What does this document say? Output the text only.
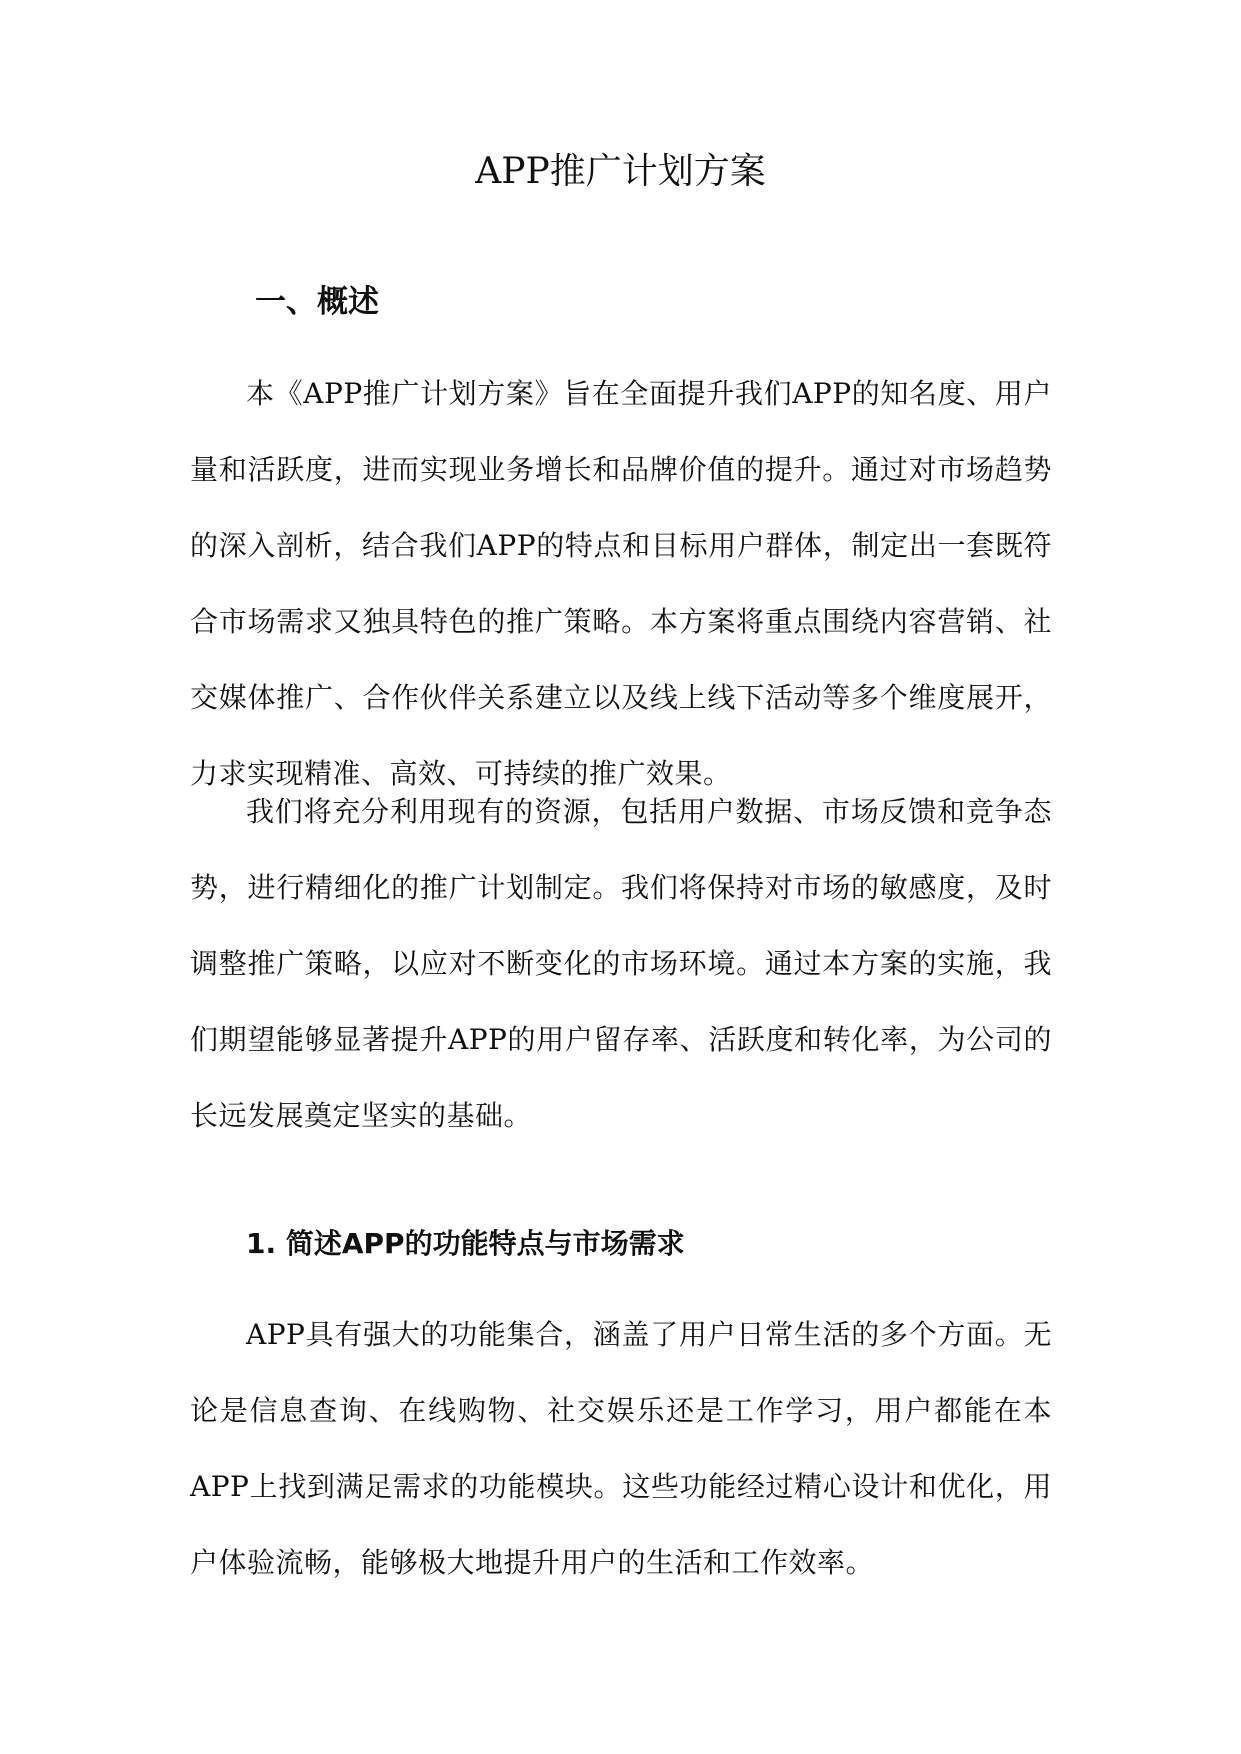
APP推广计划方案
一、概述

本《APP推广计划方案》旨在全面提升我们APP的知名度、用户量和活跃度，进而实现业务增长和品牌价值的提升。通过对市场趋势的深入剖析，结合我们APP的特点和目标用户群体，制定出一套既符合市场需求又独具特色的推广策略。本方案将重点围绕内容营销、社交媒体推广、合作伙伴关系建立以及线上线下活动等多个维度展开，力求实现精准、高效、可持续的推广效果。

我们将充分利用现有的资源，包括用户数据、市场反馈和竞争态势，进行精细化的推广计划制定。我们将保持对市场的敏感度，及时调整推广策略，以应对不断变化的市场环境。通过本方案的实施，我们期望能够显著提升APP的用户留存率、活跃度和转化率，为公司的长远发展奠定坚实的基础。

1. 简述APP的功能特点与市场需求

APP具有强大的功能集合，涵盖了用户日常生活的多个方面。无论是信息查询、在线购物、社交娱乐还是工作学习，用户都能在本APP上找到满足需求的功能模块。这些功能经过精心设计和优化，用户体验流畅，能够极大地提升用户的生活和工作效率。
